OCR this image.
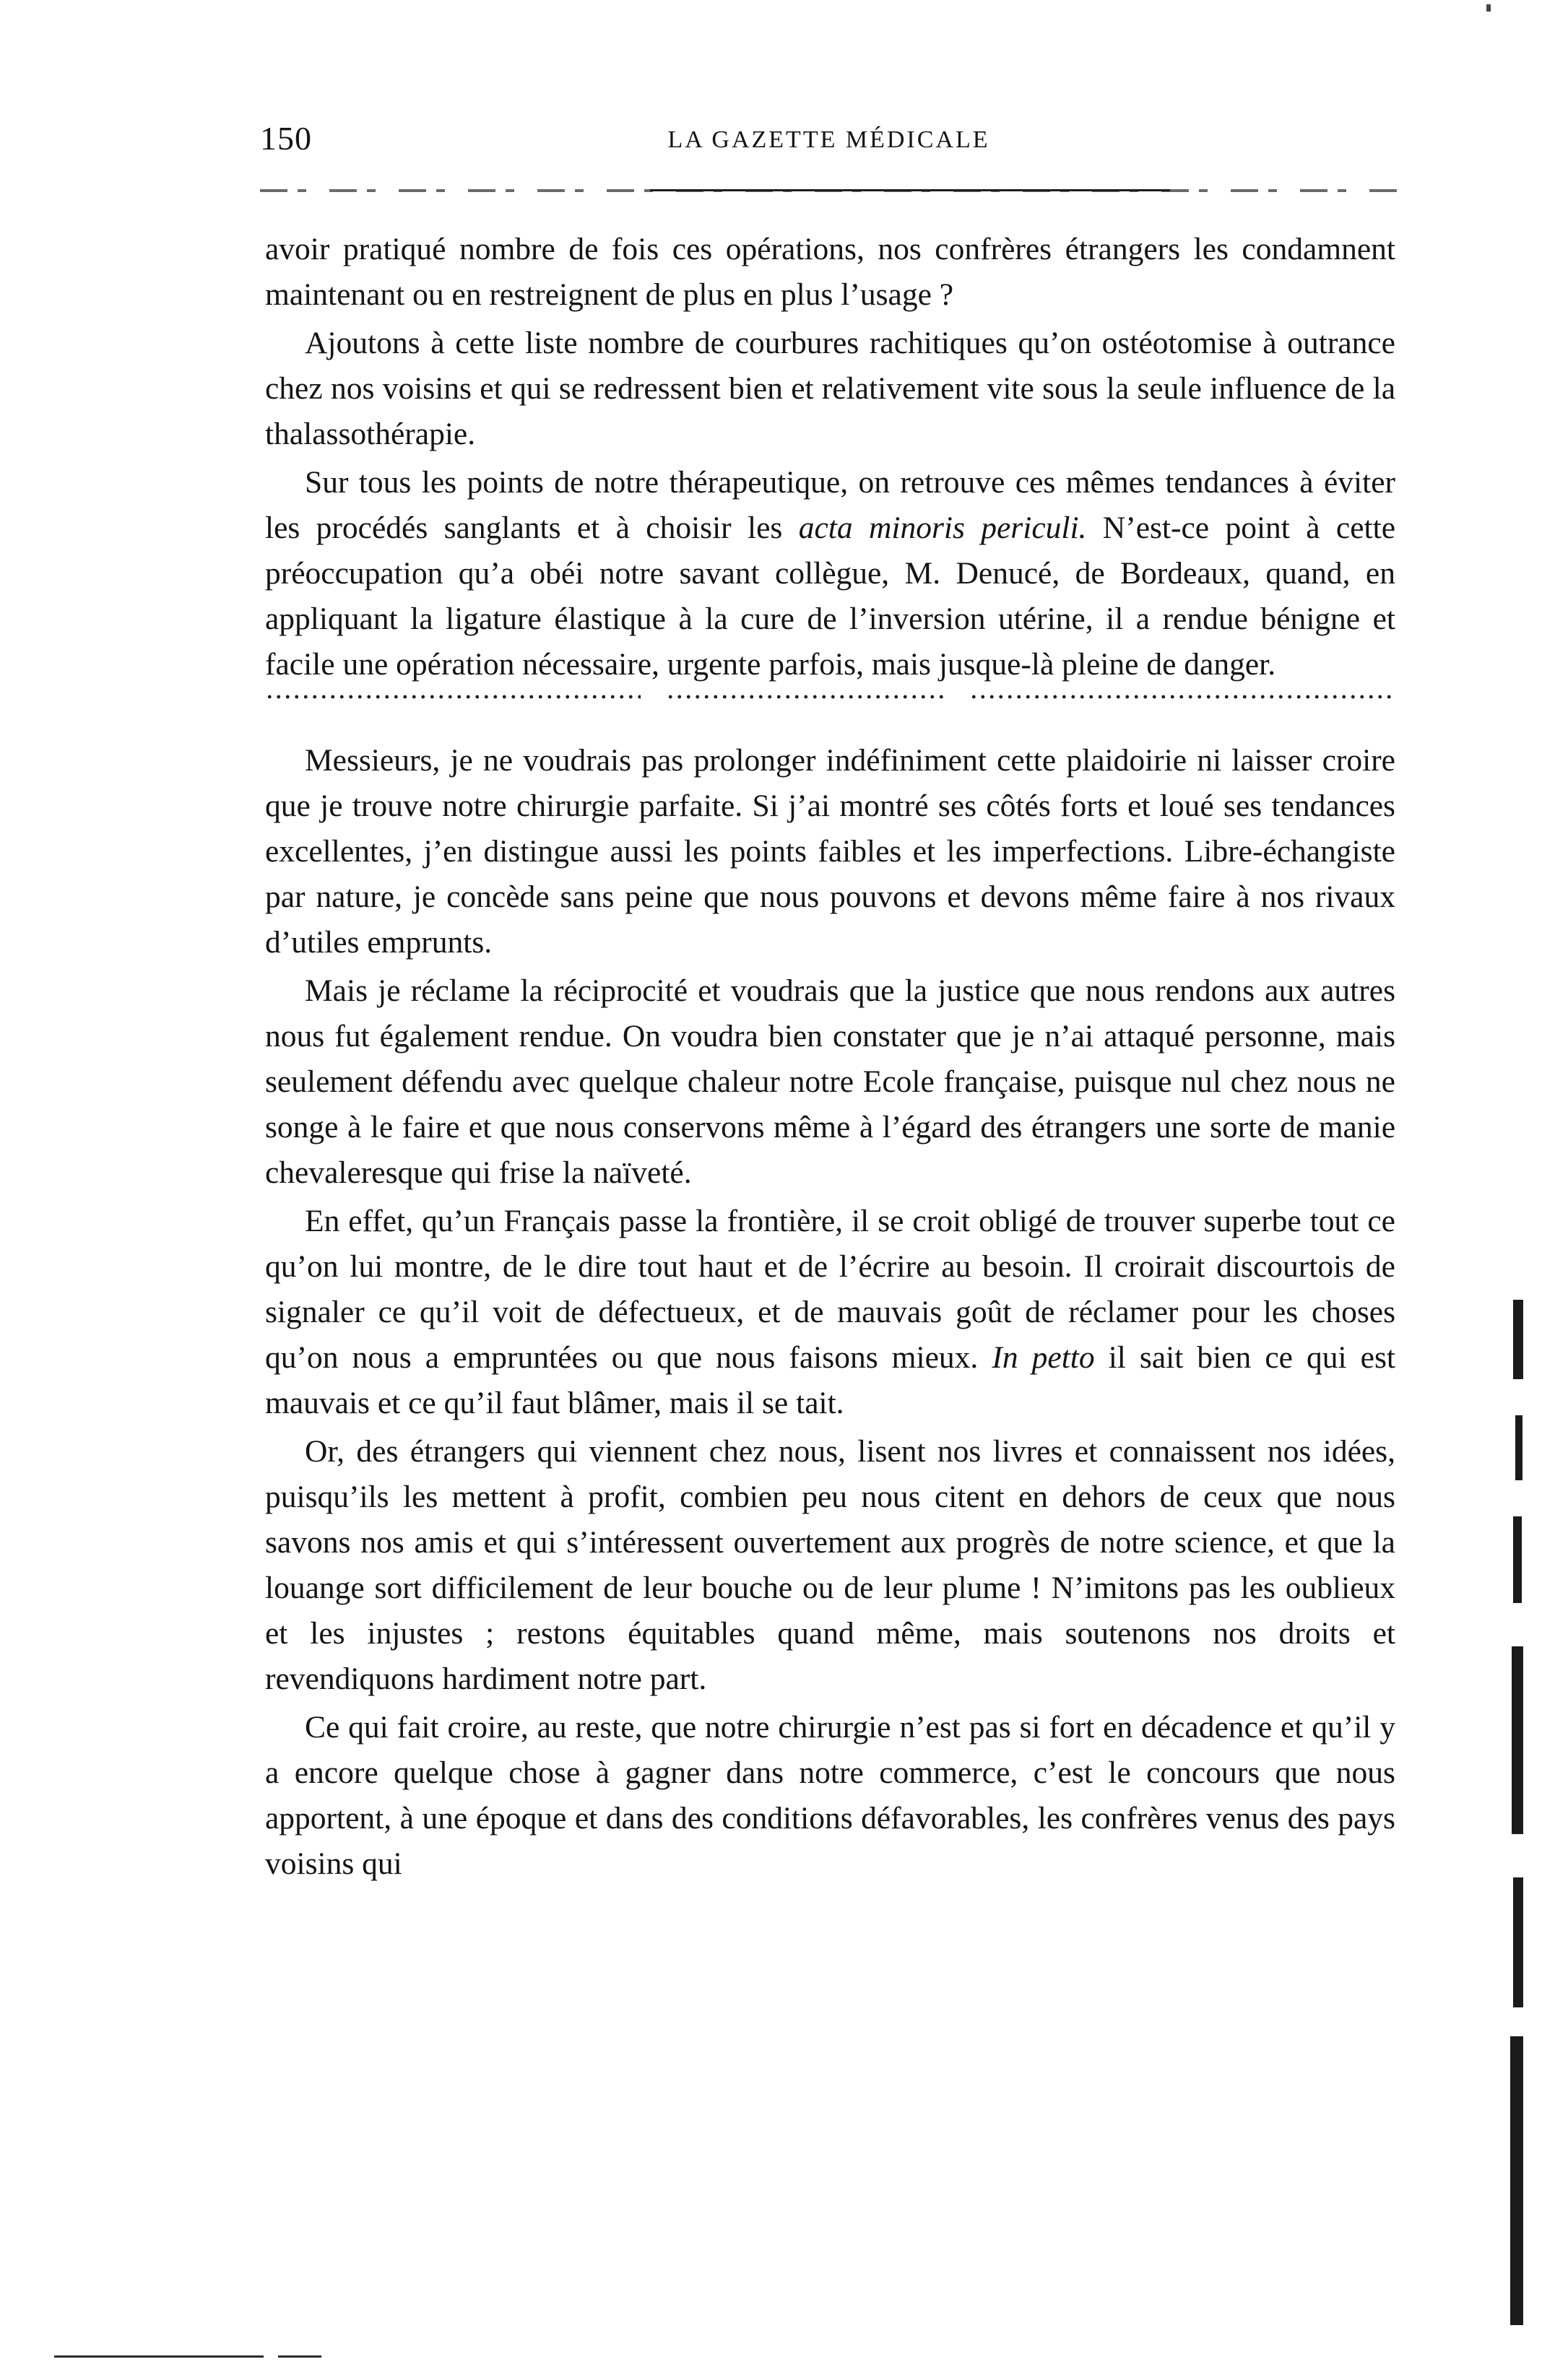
150	LA GAZETTE MÉDICALE

avoir pratiqué nombre de fois ces opérations, nos confrères étrangers les condamnent maintenant ou en restreignent de plus en plus l’usage ?

Ajoutons à cette liste nombre de courbures rachitiques qu’on ostéotomise à outrance chez nos voisins et qui se redressent bien et relativement vite sous la seule influence de la thalassothérapie.

Sur tous les points de notre thérapeutique, on retrouve ces mêmes tendances à éviter les procédés sanglants et à choisir les acta minoris periculi. N’est-ce point à cette préoccupation qu’a obéi notre savant collègue, M. Denucé, de Bordeaux, quand, en appliquant la ligature élastique à la cure de l’inversion utérine, il a rendue bénigne et facile une opération nécessaire, urgente parfois, mais jusque-là pleine de danger.

Messieurs, je ne voudrais pas prolonger indéfiniment cette plaidoirie ni laisser croire que je trouve notre chirurgie parfaite. Si j’ai montré ses côtés forts et loué ses tendances excellentes, j’en distingue aussi les points faibles et les imperfections. Libre-échangiste par nature, je concède sans peine que nous pouvons et devons même faire à nos rivaux d’utiles emprunts.

Mais je réclame la réciprocité et voudrais que la justice que nous rendons aux autres nous fut également rendue. On voudra bien constater que je n’ai attaqué personne, mais seulement défendu avec quelque chaleur notre Ecole française, puisque nul chez nous ne songe à le faire et que nous conservons même à l’égard des étrangers une sorte de manie chevaleresque qui frise la naïveté.

En effet, qu’un Français passe la frontière, il se croit obligé de trouver superbe tout ce qu’on lui montre, de le dire tout haut et de l’écrire au besoin. Il croirait discourtois de signaler ce qu’il voit de défectueux, et de mauvais goût de réclamer pour les choses qu’on nous a empruntées ou que nous faisons mieux. In petto il sait bien ce qui est mauvais et ce qu’il faut blâmer, mais il se tait.

Or, des étrangers qui viennent chez nous, lisent nos livres et connaissent nos idées, puisqu’ils les mettent à profit, combien peu nous citent en dehors de ceux que nous savons nos amis et qui s’intéressent ouvertement aux progrès de notre science, et que la louange sort difficilement de leur bouche ou de leur plume ! N’imitons pas les oublieux et les injustes ; restons équitables quand même, mais soutenons nos droits et revendiquons hardiment notre part.

Ce qui fait croire, au reste, que notre chirurgie n’est pas si fort en décadence et qu’il y a encore quelque chose à gagner dans notre commerce, c’est le concours que nous apportent, à une époque et dans des conditions défavorables, les confrères venus des pays voisins qui
